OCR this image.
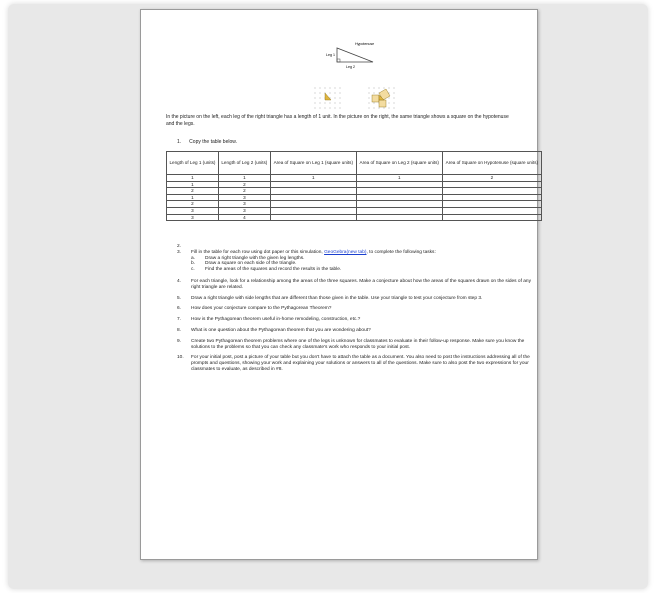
Leg 1
Hypotenuse
Leg 2
In the picture on the left, each leg of the right triangle has a length of 1 unit. In the picture on the right, the same triangle shows a square on the hypotenuse and the legs.
1. Copy the table below.
Length of Leg 1 (units)	Length of Leg 2 (units)	Area of Square on Leg 1 (square units)	Area of Square on Leg 2 (square units)	Area of Square on Hypotenuse (square units)
1	1	1	1	2
1	2			
2	2			
1	3			
2	3			
3	3			
3	4			
2.
3.	Fill in the table for each row using dot paper or this simulation, GeoGebra(new tab), to complete the following tasks:
a.	Draw a right triangle with the given leg lengths.
b.	Draw a square on each side of the triangle.
c.	Find the areas of the squares and record the results in the table.
4.	For each triangle, look for a relationship among the areas of the three squares. Make a conjecture about how the areas of the squares drawn on the sides of any right triangle are related.
5.	Draw a right triangle with side lengths that are different than those given in the table. Use your triangle to test your conjecture from step 3.
6.	How does your conjecture compare to the Pythagorean Theorem?
7.	How is the Pythagorean theorem useful in-home remodeling, construction, etc.?
8.	What is one question about the Pythagorean theorem that you are wondering about?
9.	Create two Pythagorean theorem problems where one of the legs is unknown for classmates to evaluate in their follow-up response. Make sure you know the solutions to the problems so that you can check any classmate's work who responds to your initial post.
10.	For your initial post, post a picture of your table but you don't have to attach the table as a document. You also need to post the instructions addressing all of the prompts and questions, showing your work and explaining your solutions or answers to all of the questions. Make sure to also post the two expressions for your classmates to evaluate, as described in #8.
